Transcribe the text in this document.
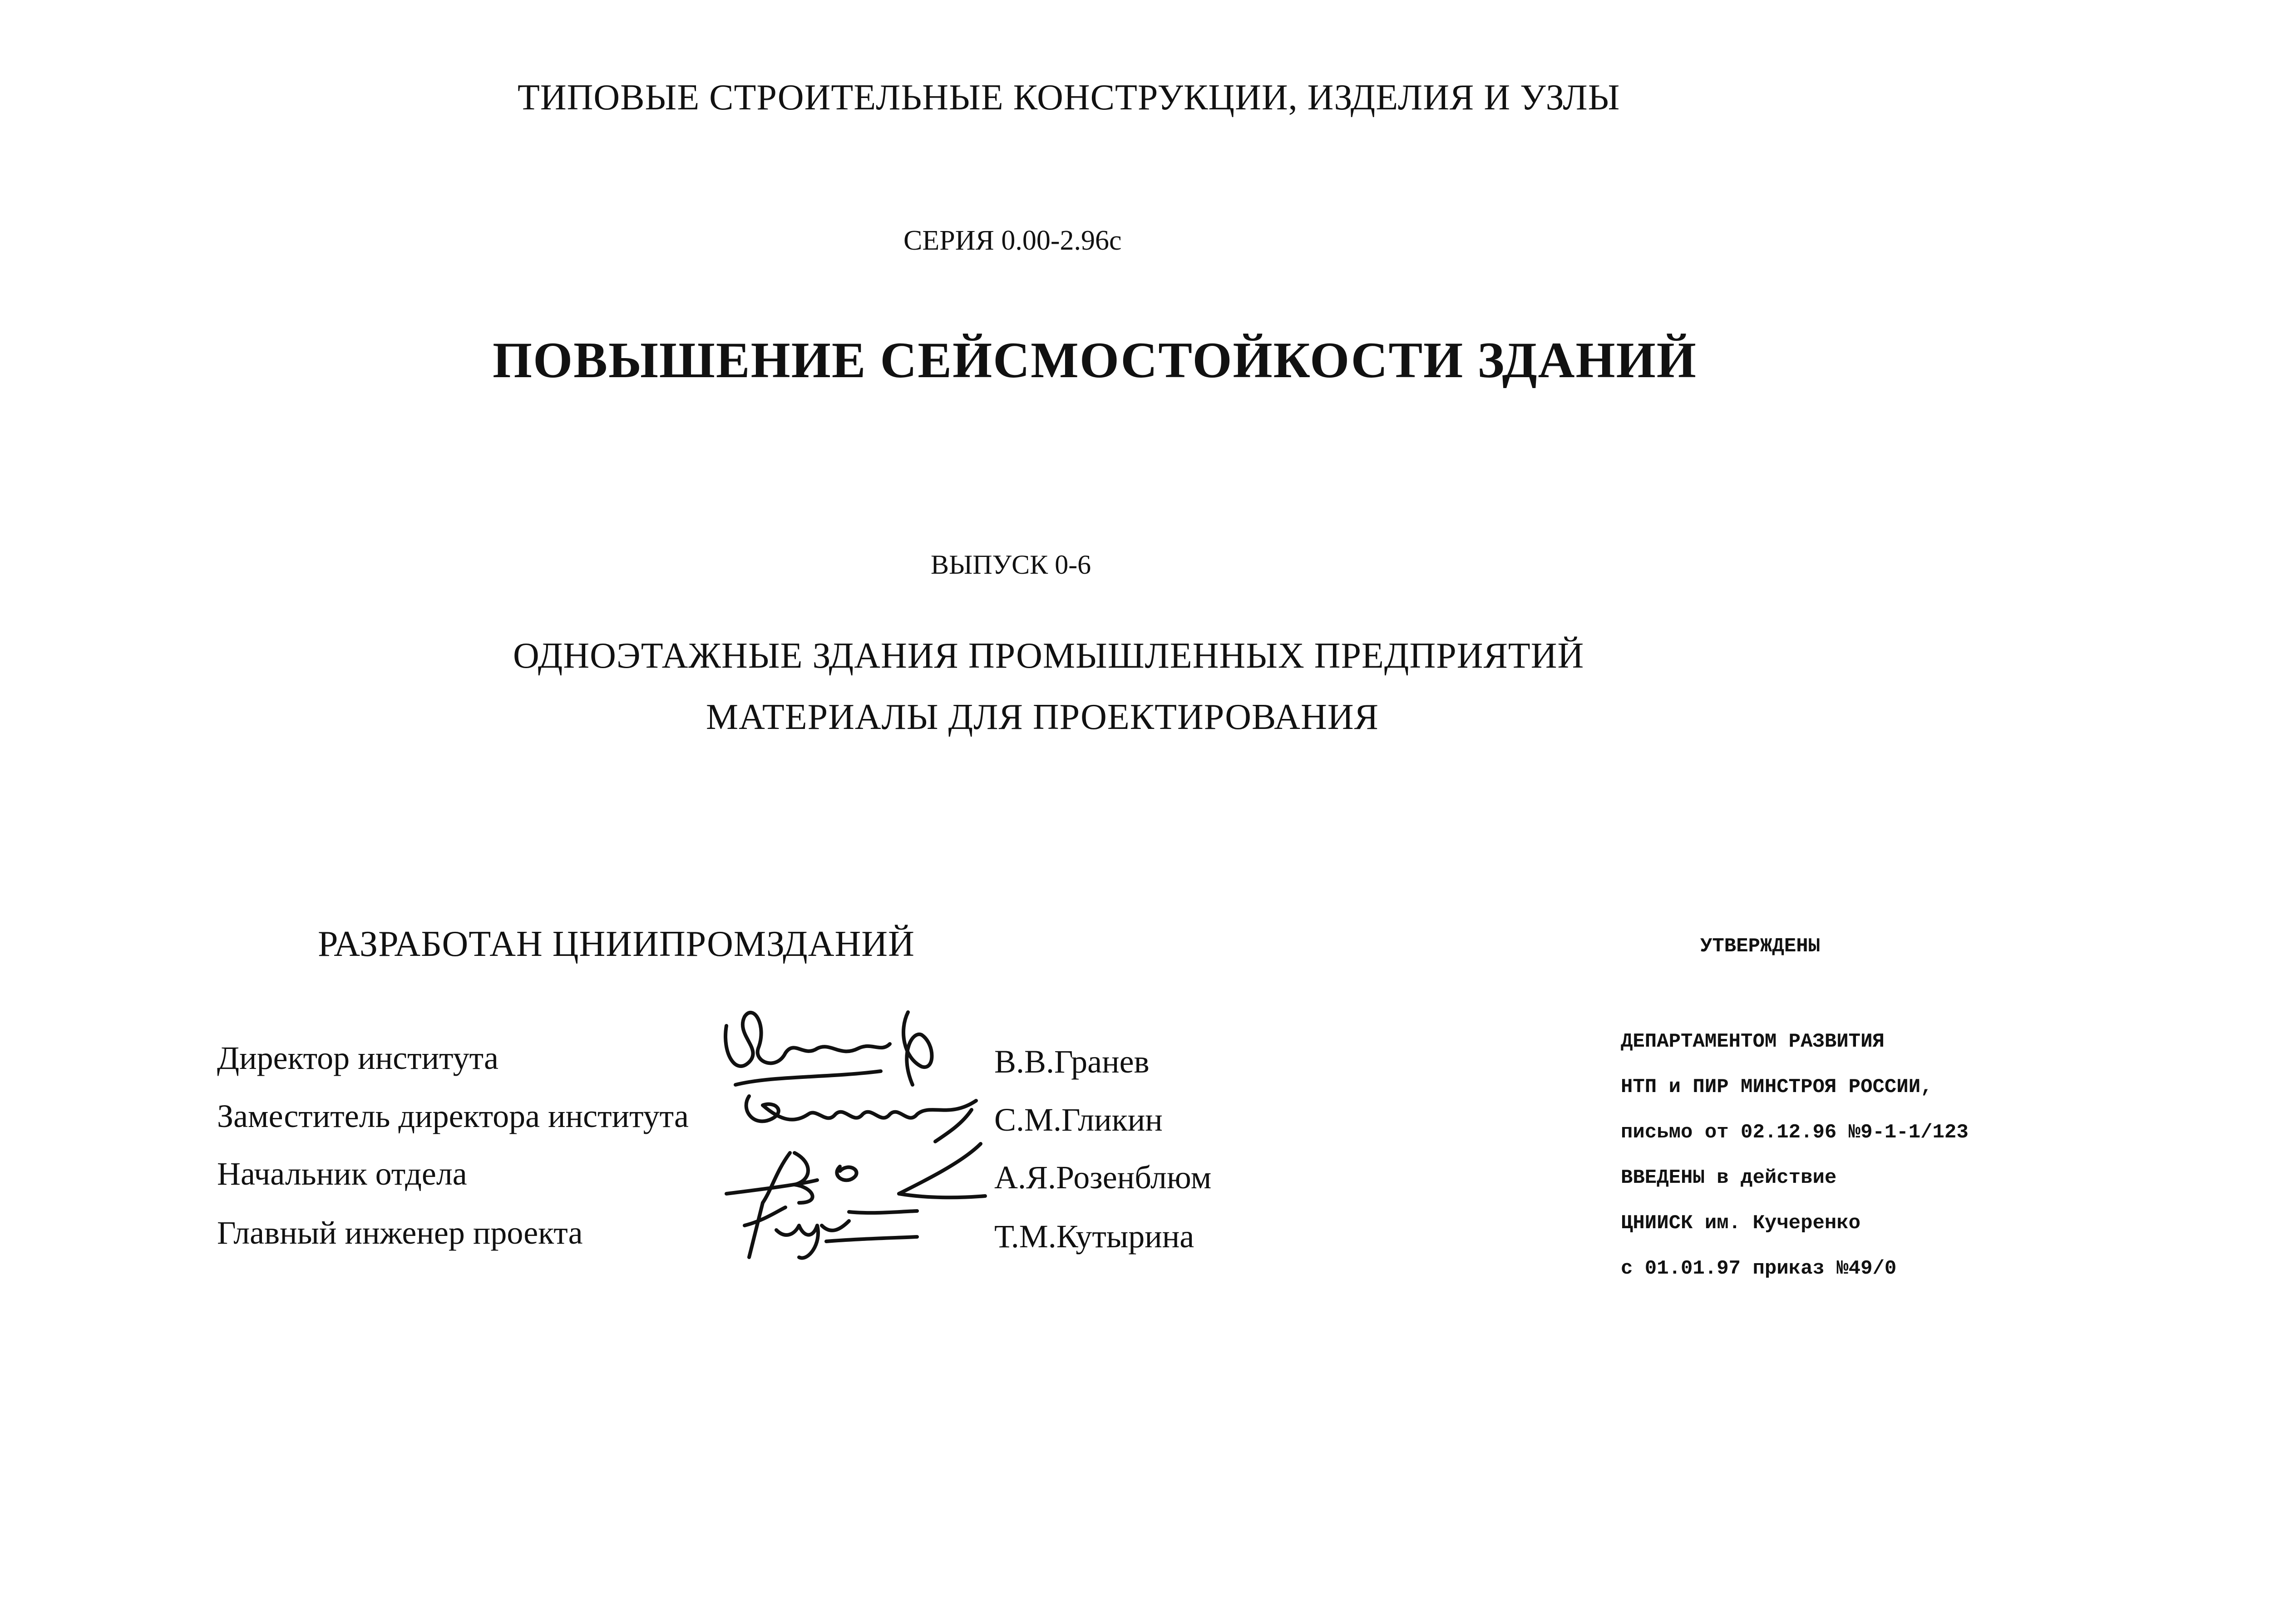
ТИПОВЫЕ СТРОИТЕЛЬНЫЕ КОНСТРУКЦИИ, ИЗДЕЛИЯ И УЗЛЫ
СЕРИЯ 0.00-2.96с
ПОВЫШЕНИЕ СЕЙСМОСТОЙКОСТИ ЗДАНИЙ
ВЫПУСК 0-6
ОДНОЭТАЖНЫЕ ЗДАНИЯ ПРОМЫШЛЕННЫХ ПРЕДПРИЯТИЙ
МАТЕРИАЛЫ ДЛЯ ПРОЕКТИРОВАНИЯ
РАЗРАБОТАН ЦНИИПРОМЗДАНИЙ
Директор института
Заместитель директора института
Начальник отдела
Главный инженер проекта
В.В.Гранев
С.М.Гликин
А.Я.Розенблюм
Т.М.Кутырина
УТВЕРЖДЕНЫ
ДЕПАРТАМЕНТОМ РАЗВИТИЯ
НТП и ПИР МИНСТРОЯ РОССИИ,
письмо от 02.12.96 №9-1-1/123
ВВЕДЕНЫ в действие
ЦНИИСК им. Кучеренко
с 01.01.97 приказ №49/0
